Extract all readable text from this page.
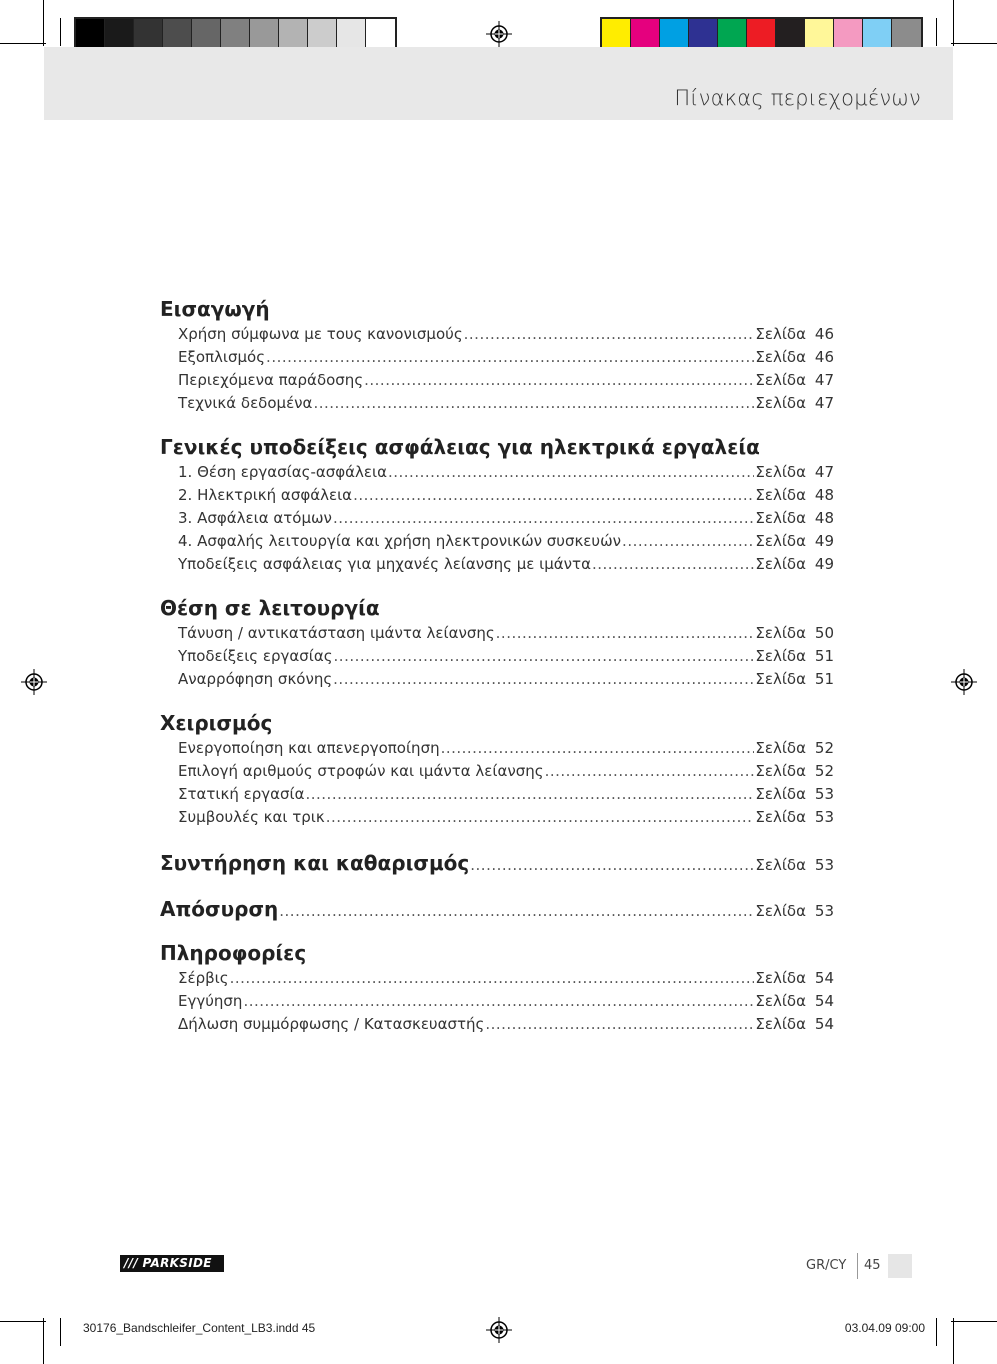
Πίνακας περιεχομένων
Εισαγωγή
Χρήση σύμφωνα με τους κανονισμούς .....	Σελίδα 46
Εξοπλισμός .....	Σελίδα 46
Περιεχόμενα παράδοσης .....	Σελίδα 47
Τεχνικά δεδομένα .....	Σελίδα 47
Γενικές υποδείξεις ασφάλειας για ηλεκτρικά εργαλεία
1. Θέση εργασίας-ασφάλεια .....	Σελίδα 47
2. Ηλεκτρική ασφάλεια .....	Σελίδα 48
3. Ασφάλεια ατόμων .....	Σελίδα 48
4. Ασφαλής λειτουργία και χρήση ηλεκτρονικών συσκευών .....	Σελίδα 49
Υποδείξεις ασφάλειας για μηχανές λείανσης με ιμάντα .....	Σελίδα 49
Θέση σε λειτουργία
Τάνυση / αντικατάσταση ιμάντα λείανσης .....	Σελίδα 50
Υποδείξεις εργασίας .....	Σελίδα 51
Αναρρόφηση σκόνης .....	Σελίδα 51
Χειρισμός
Ενεργοποίηση και απενεργοποίηση .....	Σελίδα 52
Επιλογή αριθμούς στροφών και ιμάντα λείανσης .....	Σελίδα 52
Στατική εργασία .....	Σελίδα 53
Συμβουλές και τρικ .....	Σελίδα 53
Συντήρηση και καθαρισμός .....	Σελίδα 53
Απόσυρση .....	Σελίδα 53
Πληροφορίες
Σέρβις .....	Σελίδα 54
Εγγύηση .....	Σελίδα 54
Δήλωση συμμόρφωσης / Κατασκευαστής .....	Σελίδα 54
/// PARKSIDE	GR/CY 45
30176_Bandschleifer_Content_LB3.indd 45	03.04.09 09:00
